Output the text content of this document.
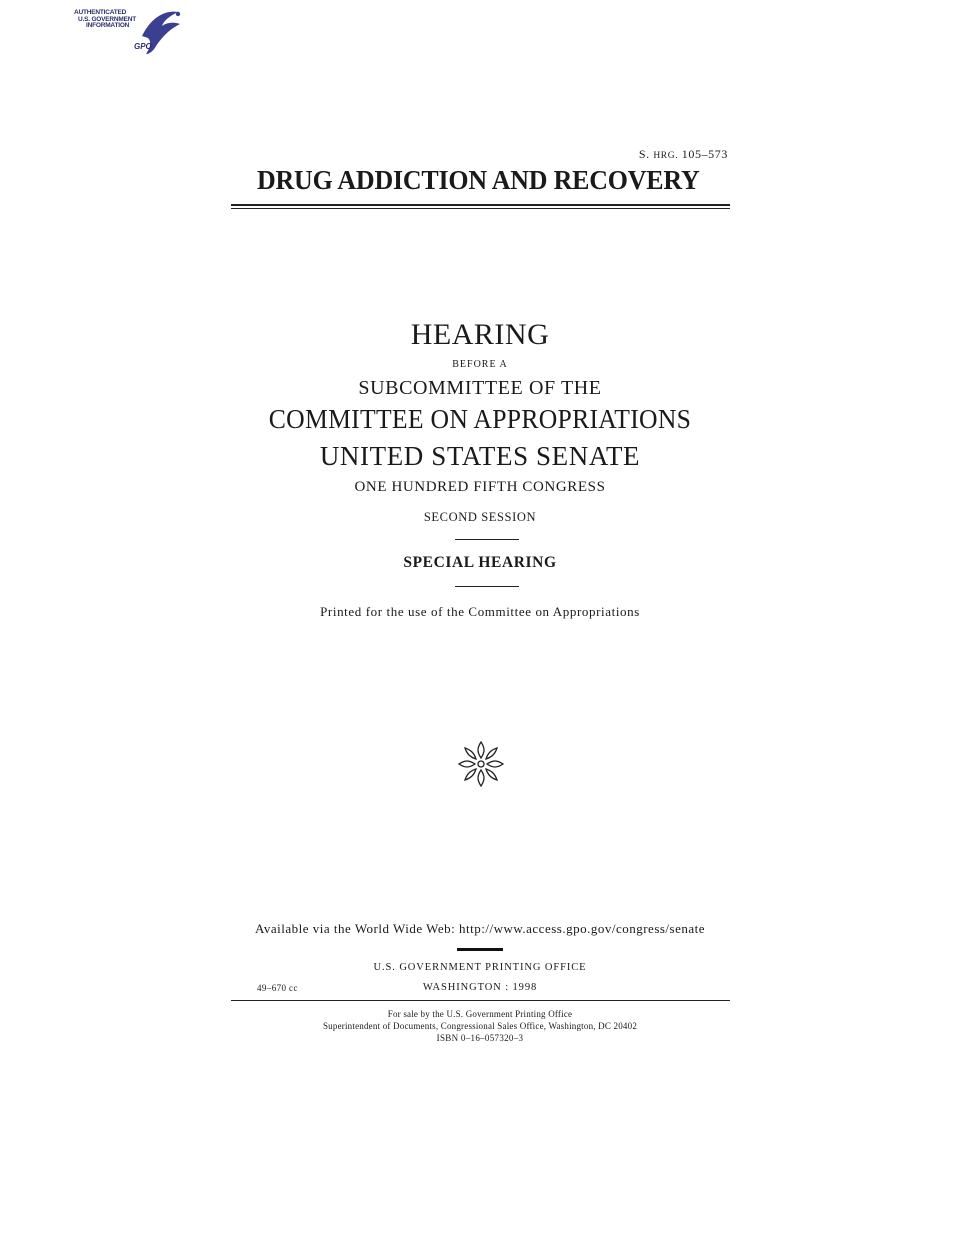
AUTHENTICATED
U.S. GOVERNMENT
INFORMATION
GPO
S. HRG. 105–573
DRUG ADDICTION AND RECOVERY
HEARING
BEFORE A
SUBCOMMITTEE OF THE
COMMITTEE ON APPROPRIATIONS
UNITED STATES SENATE
ONE HUNDRED FIFTH CONGRESS
SECOND SESSION
SPECIAL HEARING
Printed for the use of the Committee on Appropriations
Available via the World Wide Web: http://www.access.gpo.gov/congress/senate
U.S. GOVERNMENT PRINTING OFFICE
49–670 cc	WASHINGTON : 1998
For sale by the U.S. Government Printing Office
Superintendent of Documents, Congressional Sales Office, Washington, DC 20402
ISBN 0–16–057320–3
